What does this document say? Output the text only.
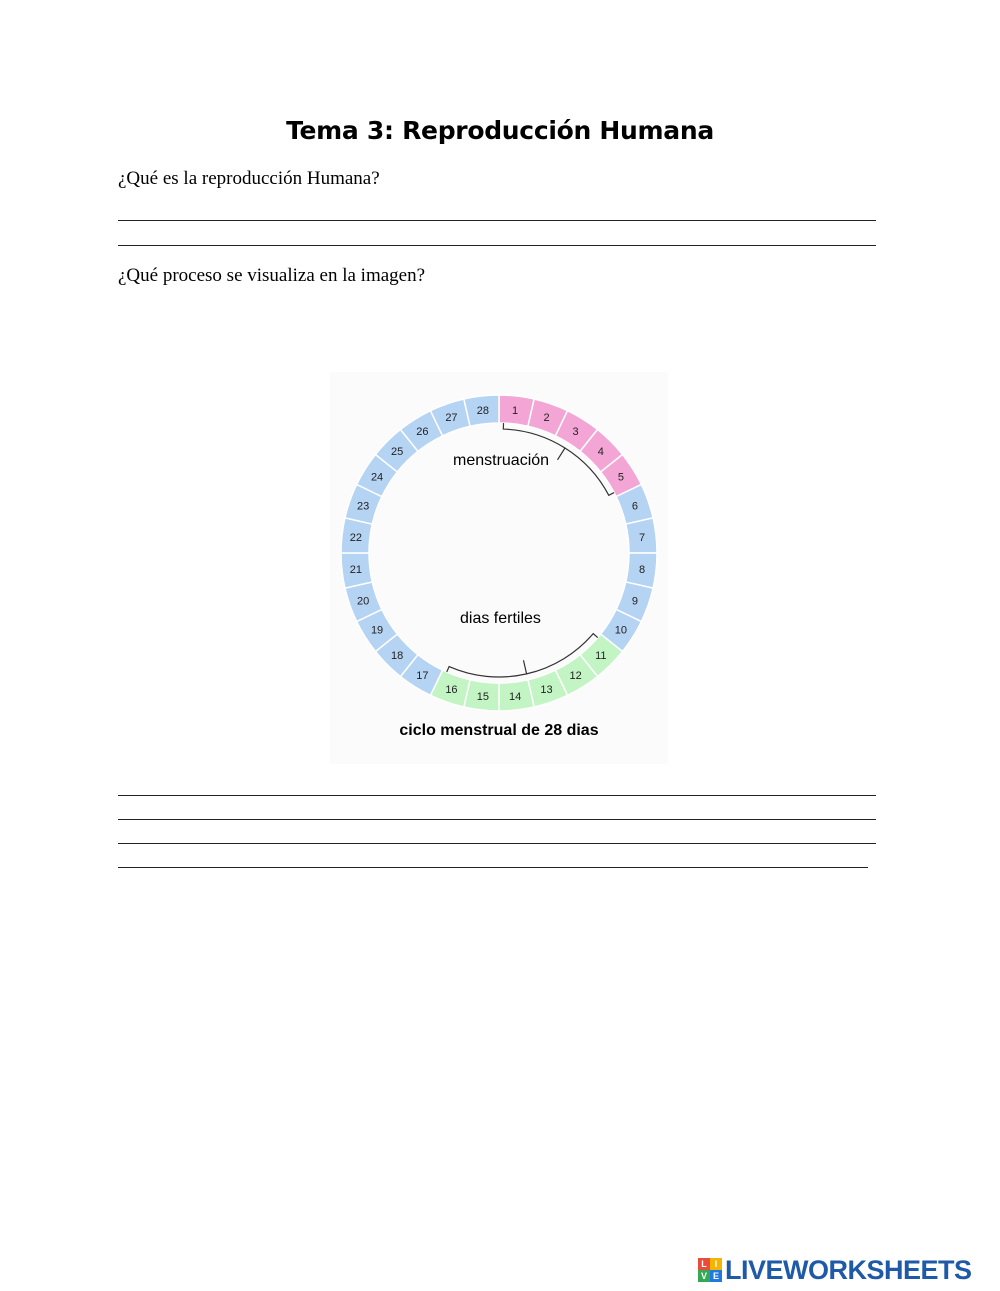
Tema 3: Reproducción Humana
¿Qué es la reproducción Humana?
¿Qué proceso se visualiza en la imagen?
1
2
3
4
5
6
7
8
9
10
11
12
13
14
15
16
17
18
19
20
21
22
23
24
25
26
27
28
menstruación
dias fertiles
ciclo menstrual de 28 dias
L I
V E LIVEWORKSHEETS
